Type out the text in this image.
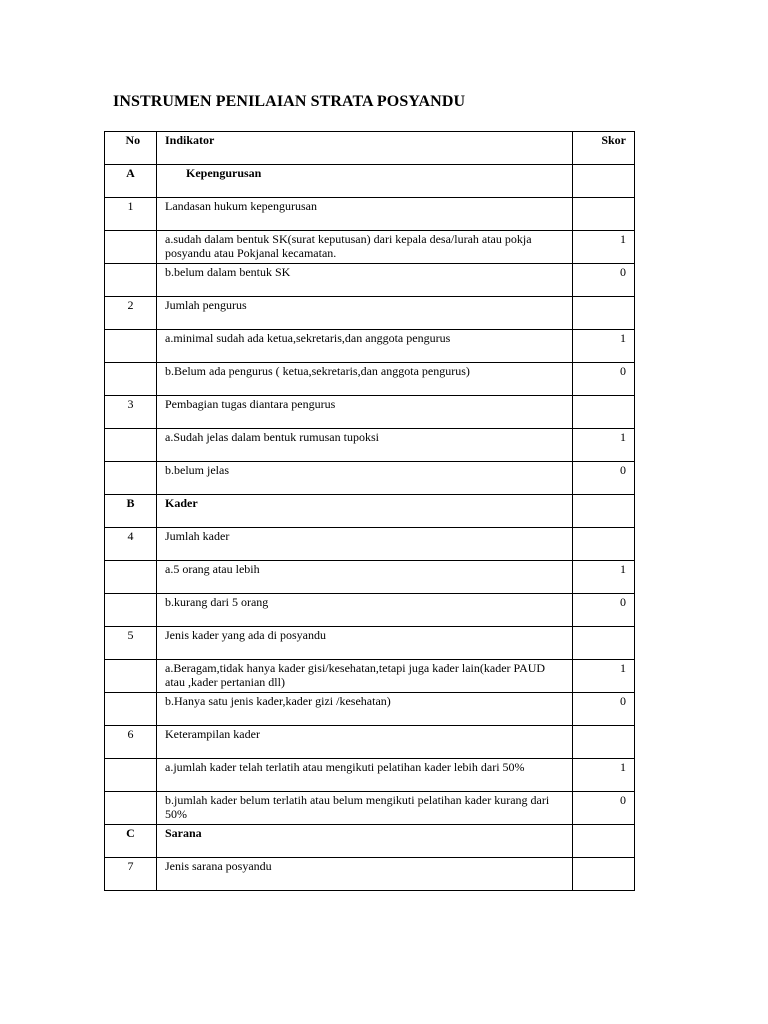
INSTRUMEN PENILAIAN STRATA POSYANDU
No	Indikator	Skor
A	Kepengurusan	
1	Landasan hukum kepengurusan	
	a.sudah dalam bentuk SK(surat keputusan) dari kepala desa/lurah atau pokja posyandu atau Pokjanal kecamatan.	1
	b.belum dalam bentuk SK	0
2	Jumlah pengurus	
	a.minimal sudah ada ketua,sekretaris,dan anggota pengurus	1
	b.Belum ada pengurus ( ketua,sekretaris,dan anggota pengurus)	0
3	Pembagian tugas diantara pengurus	
	a.Sudah jelas dalam bentuk rumusan tupoksi	1
	b.belum jelas	0
B	Kader	
4	Jumlah kader	
	a.5 orang atau lebih	1
	b.kurang dari 5 orang	0
5	Jenis kader yang ada di posyandu	
	a.Beragam,tidak hanya kader gisi/kesehatan,tetapi juga kader lain(kader PAUD atau ,kader pertanian dll)	1
	b.Hanya satu jenis kader,kader gizi /kesehatan)	0
6	Keterampilan kader	
	a.jumlah kader telah terlatih atau mengikuti pelatihan kader lebih dari 50%	1
	b.jumlah kader belum terlatih atau belum mengikuti pelatihan kader kurang dari 50%	0
C	Sarana	
7	Jenis sarana posyandu	
